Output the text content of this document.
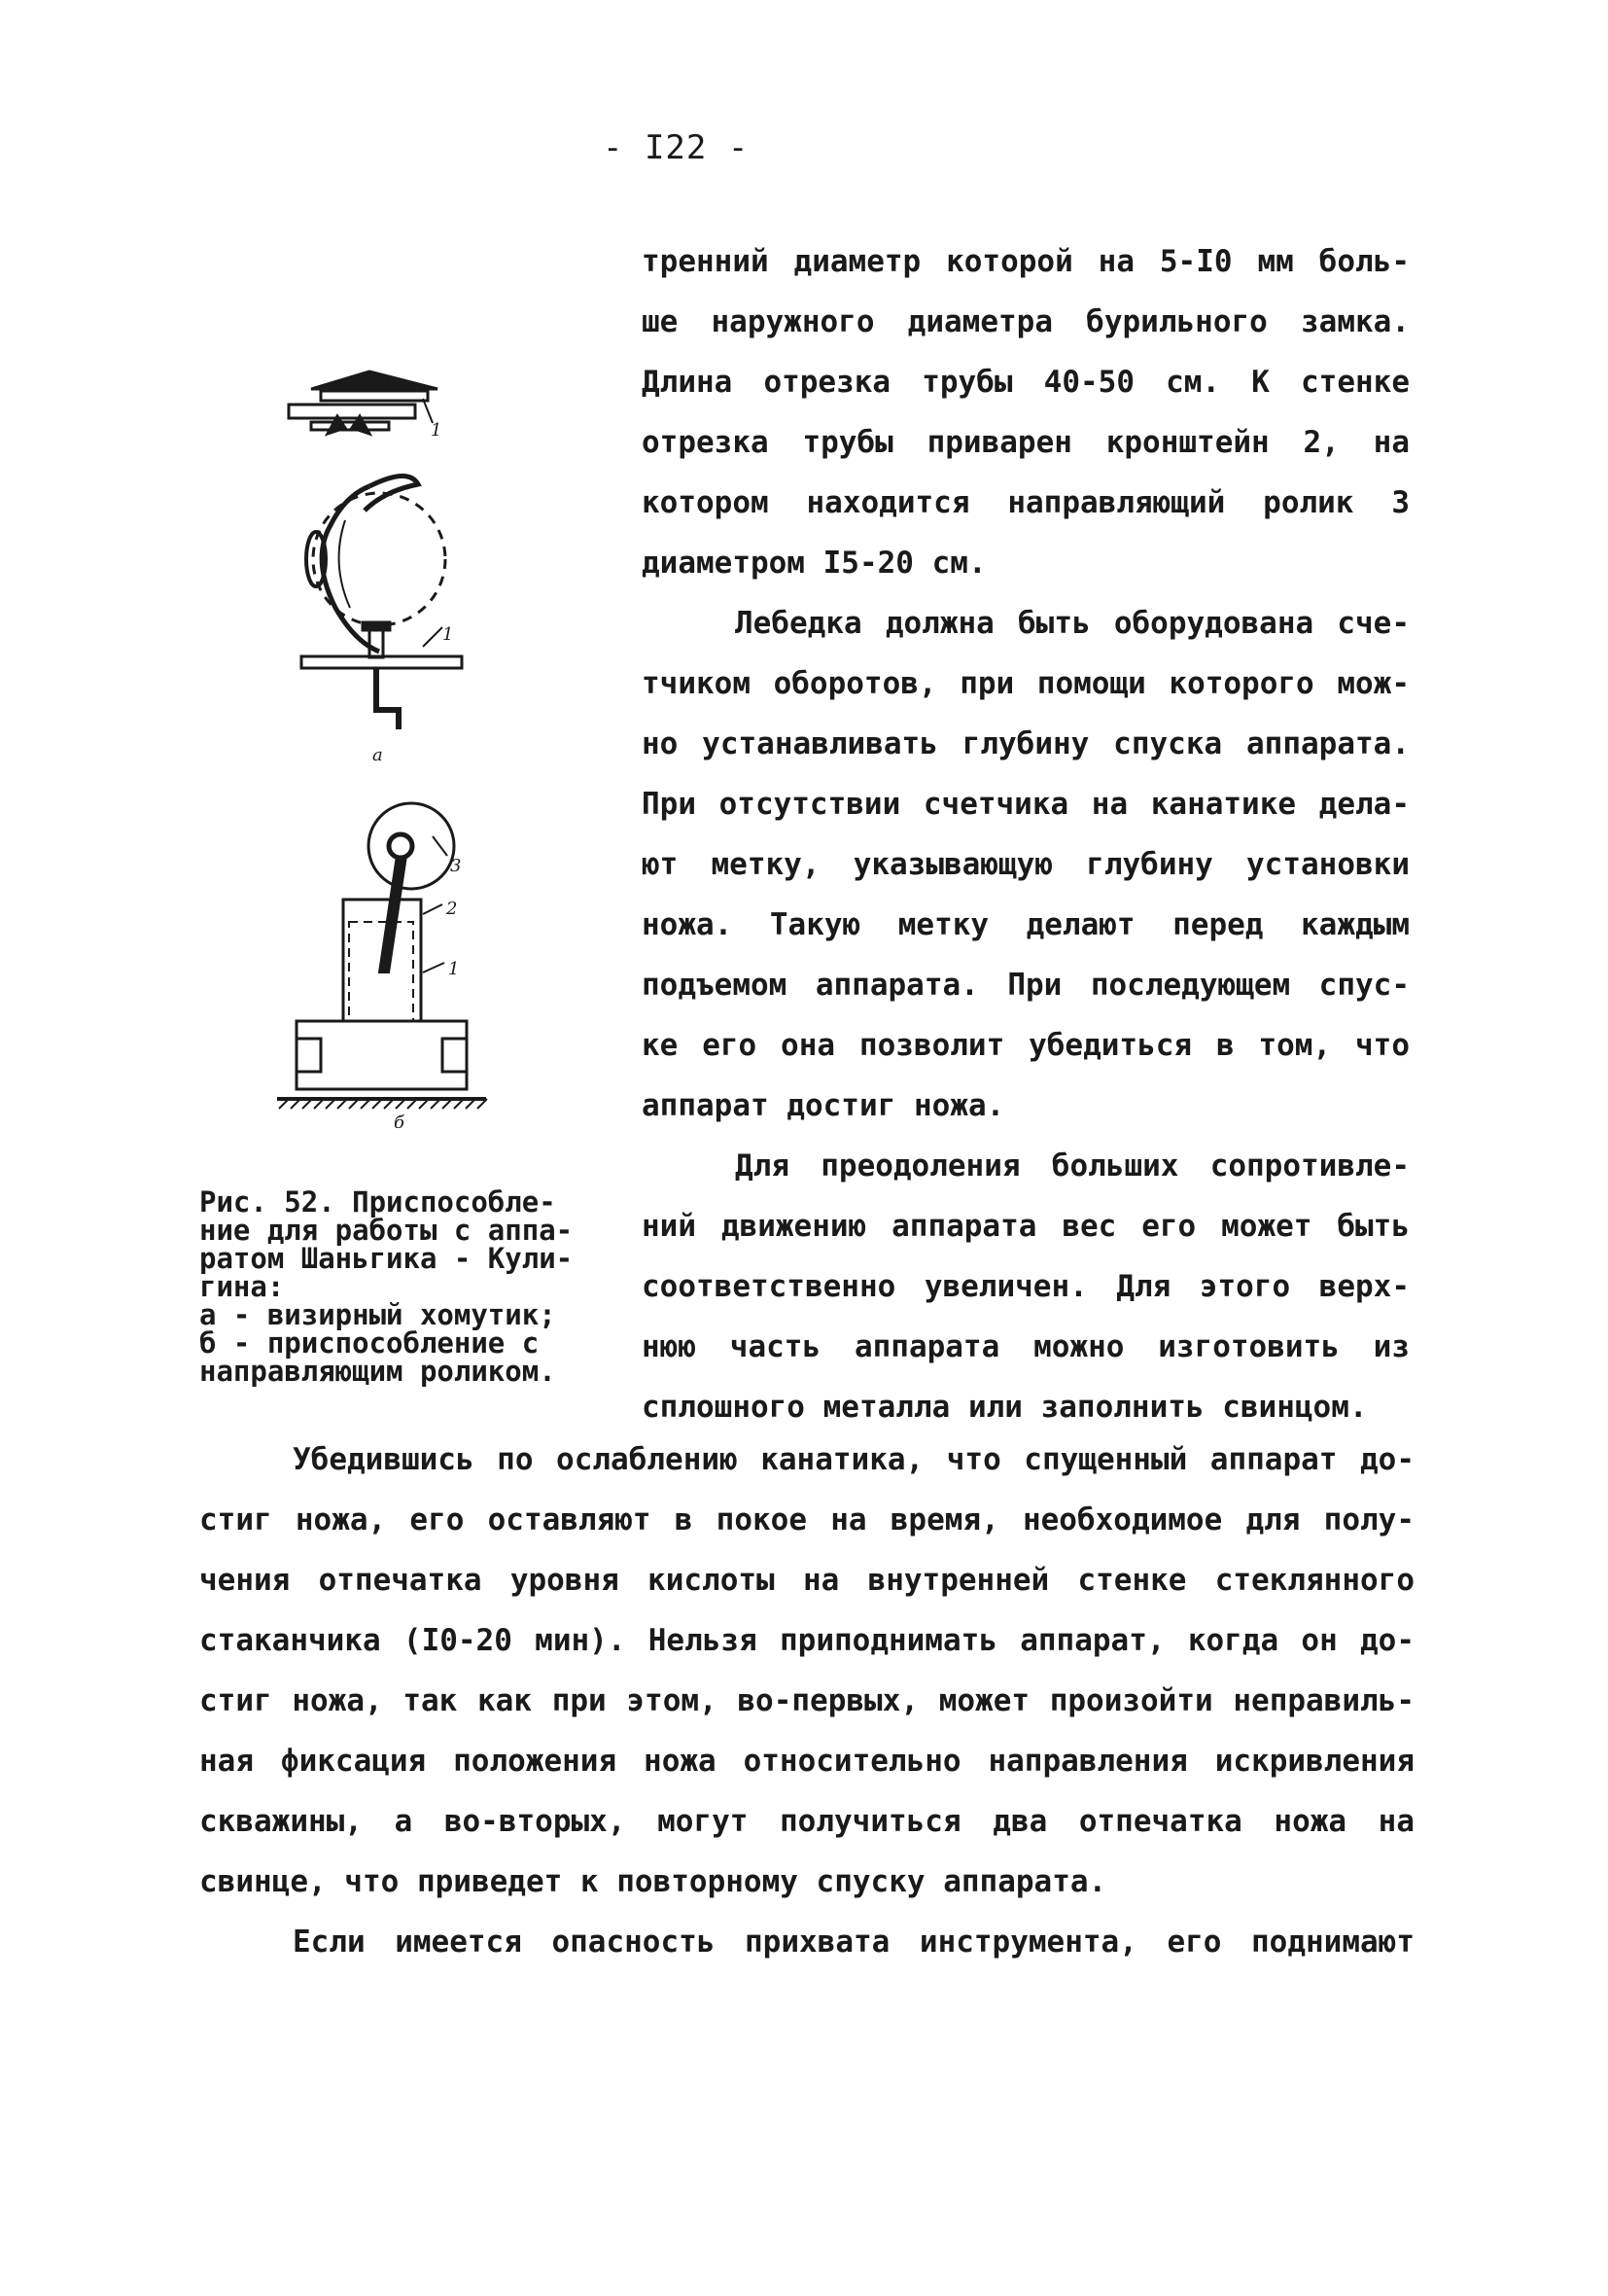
- I22 -
1
1
а
3
2
1
б
Рис. 52. Приспособле-
ние для работы с аппа-
ратом Шаньгика - Кули-
гина:
а - визирный хомутик;
б - приспособление с
направляющим роликом.
тренний диаметр которой на 5-I0 мм боль-
ше наружного диаметра бурильного замка.
Длина отрезка трубы 40-50 см. К стенке
отрезка трубы приварен кронштейн 2, на
котором находится направляющий ролик 3
диаметром I5-20 см.
Лебедка должна быть оборудована сче-
тчиком оборотов, при помощи которого мож-
но устанавливать глубину спуска аппарата.
При отсутствии счетчика на канатике дела-
ют метку, указывающую глубину установки
ножа. Такую метку делают перед каждым
подъемом аппарата. При последующем спус-
ке его она позволит убедиться в том, что
аппарат достиг ножа.
Для преодоления больших сопротивле-
ний движению аппарата вес его может быть
соответственно увеличен. Для этого верх-
нюю часть аппарата можно изготовить из
сплошного металла или заполнить свинцом.
Убедившись по ослаблению канатика, что спущенный аппарат до-
стиг ножа, его оставляют в покое на время, необходимое для полу-
чения отпечатка уровня кислоты на внутренней стенке стеклянного
стаканчика (I0-20 мин). Нельзя приподнимать аппарат, когда он до-
стиг ножа, так как при этом, во-первых, может произойти неправиль-
ная фиксация положения ножа относительно направления искривления
скважины, а во-вторых, могут получиться два отпечатка ножа на
свинце, что приведет к повторному спуску аппарата.
Если имеется опасность прихвата инструмента, его поднимают
